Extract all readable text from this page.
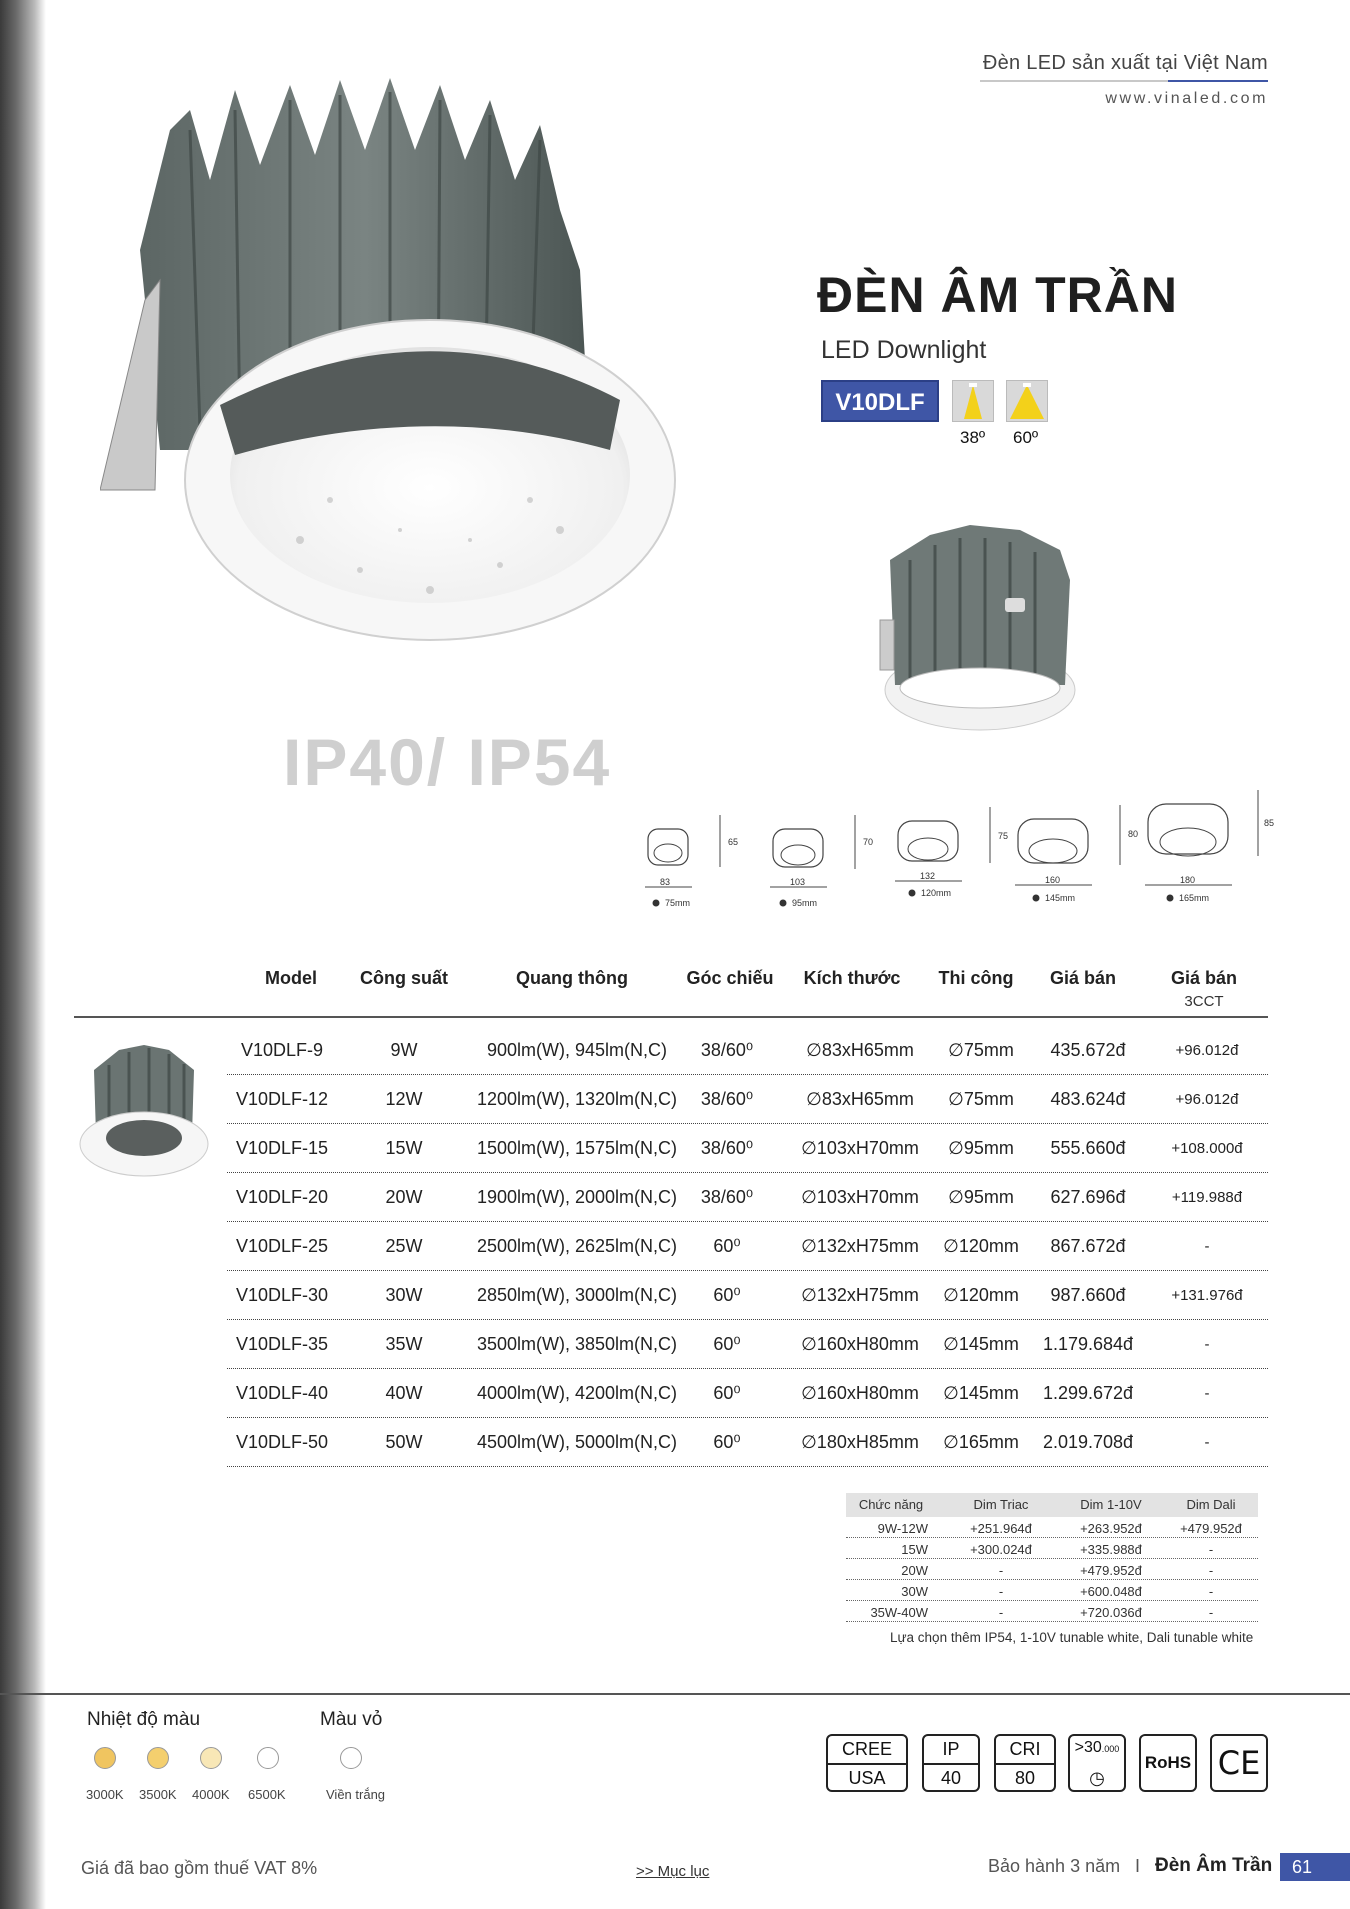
Đèn LED sản xuất tại Việt Nam
www.vinaled.com
ĐÈN ÂM TRẦN
LED Downlight
V10DLF
38º 60º
IP40/ IP54
65
83
75mm
70
103
95mm
75
132
120mm
80
160
145mm
85
180
165mm
Model	Công suất	Quang thông	Góc chiếu	Kích thước	Thi công	Giá bán	Giá bán
3CCT
V10DLF-9	9W	900lm(W), 945lm(N,C)	38/60⁰	∅83xH65mm	∅75mm	435.672đ	+96.012đ
V10DLF-12	12W	1200lm(W), 1320lm(N,C)	38/60⁰	∅83xH65mm	∅75mm	483.624đ	+96.012đ
V10DLF-15	15W	1500lm(W), 1575lm(N,C)	38/60⁰	∅103xH70mm	∅95mm	555.660đ	+108.000đ
V10DLF-20	20W	1900lm(W), 2000lm(N,C)	38/60⁰	∅103xH70mm	∅95mm	627.696đ	+119.988đ
V10DLF-25	25W	2500lm(W), 2625lm(N,C)	60⁰	∅132xH75mm	∅120mm	867.672đ	-
V10DLF-30	30W	2850lm(W), 3000lm(N,C)	60⁰	∅132xH75mm	∅120mm	987.660đ	+131.976đ
V10DLF-35	35W	3500lm(W), 3850lm(N,C)	60⁰	∅160xH80mm	∅145mm	1.179.684đ	-
V10DLF-40	40W	4000lm(W), 4200lm(N,C)	60⁰	∅160xH80mm	∅145mm	1.299.672đ	-
V10DLF-50	50W	4500lm(W), 5000lm(N,C)	60⁰	∅180xH85mm	∅165mm	2.019.708đ	-
Chức năng	Dim Triac	Dim 1-10V	Dim Dali
9W-12W	+251.964đ	+263.952đ	+479.952đ
15W	+300.024đ	+335.988đ	-
20W	-	+479.952đ	-
30W	-	+600.048đ	-
35W-40W	-	+720.036đ	-
Lựa chọn thêm IP54, 1-10V tunable white, Dali tunable white
Nhiệt độ màu
3000K 3500K 4000K 6500K
Màu vỏ
Viền trắng
CREE
USA
IP
40
CRI
80
>30.000
◷
RoHS CE
Giá đã bao gồm thuế VAT 8%	>> Mục lục	Bảo hành 3 năm I Đèn Âm Trần	61
